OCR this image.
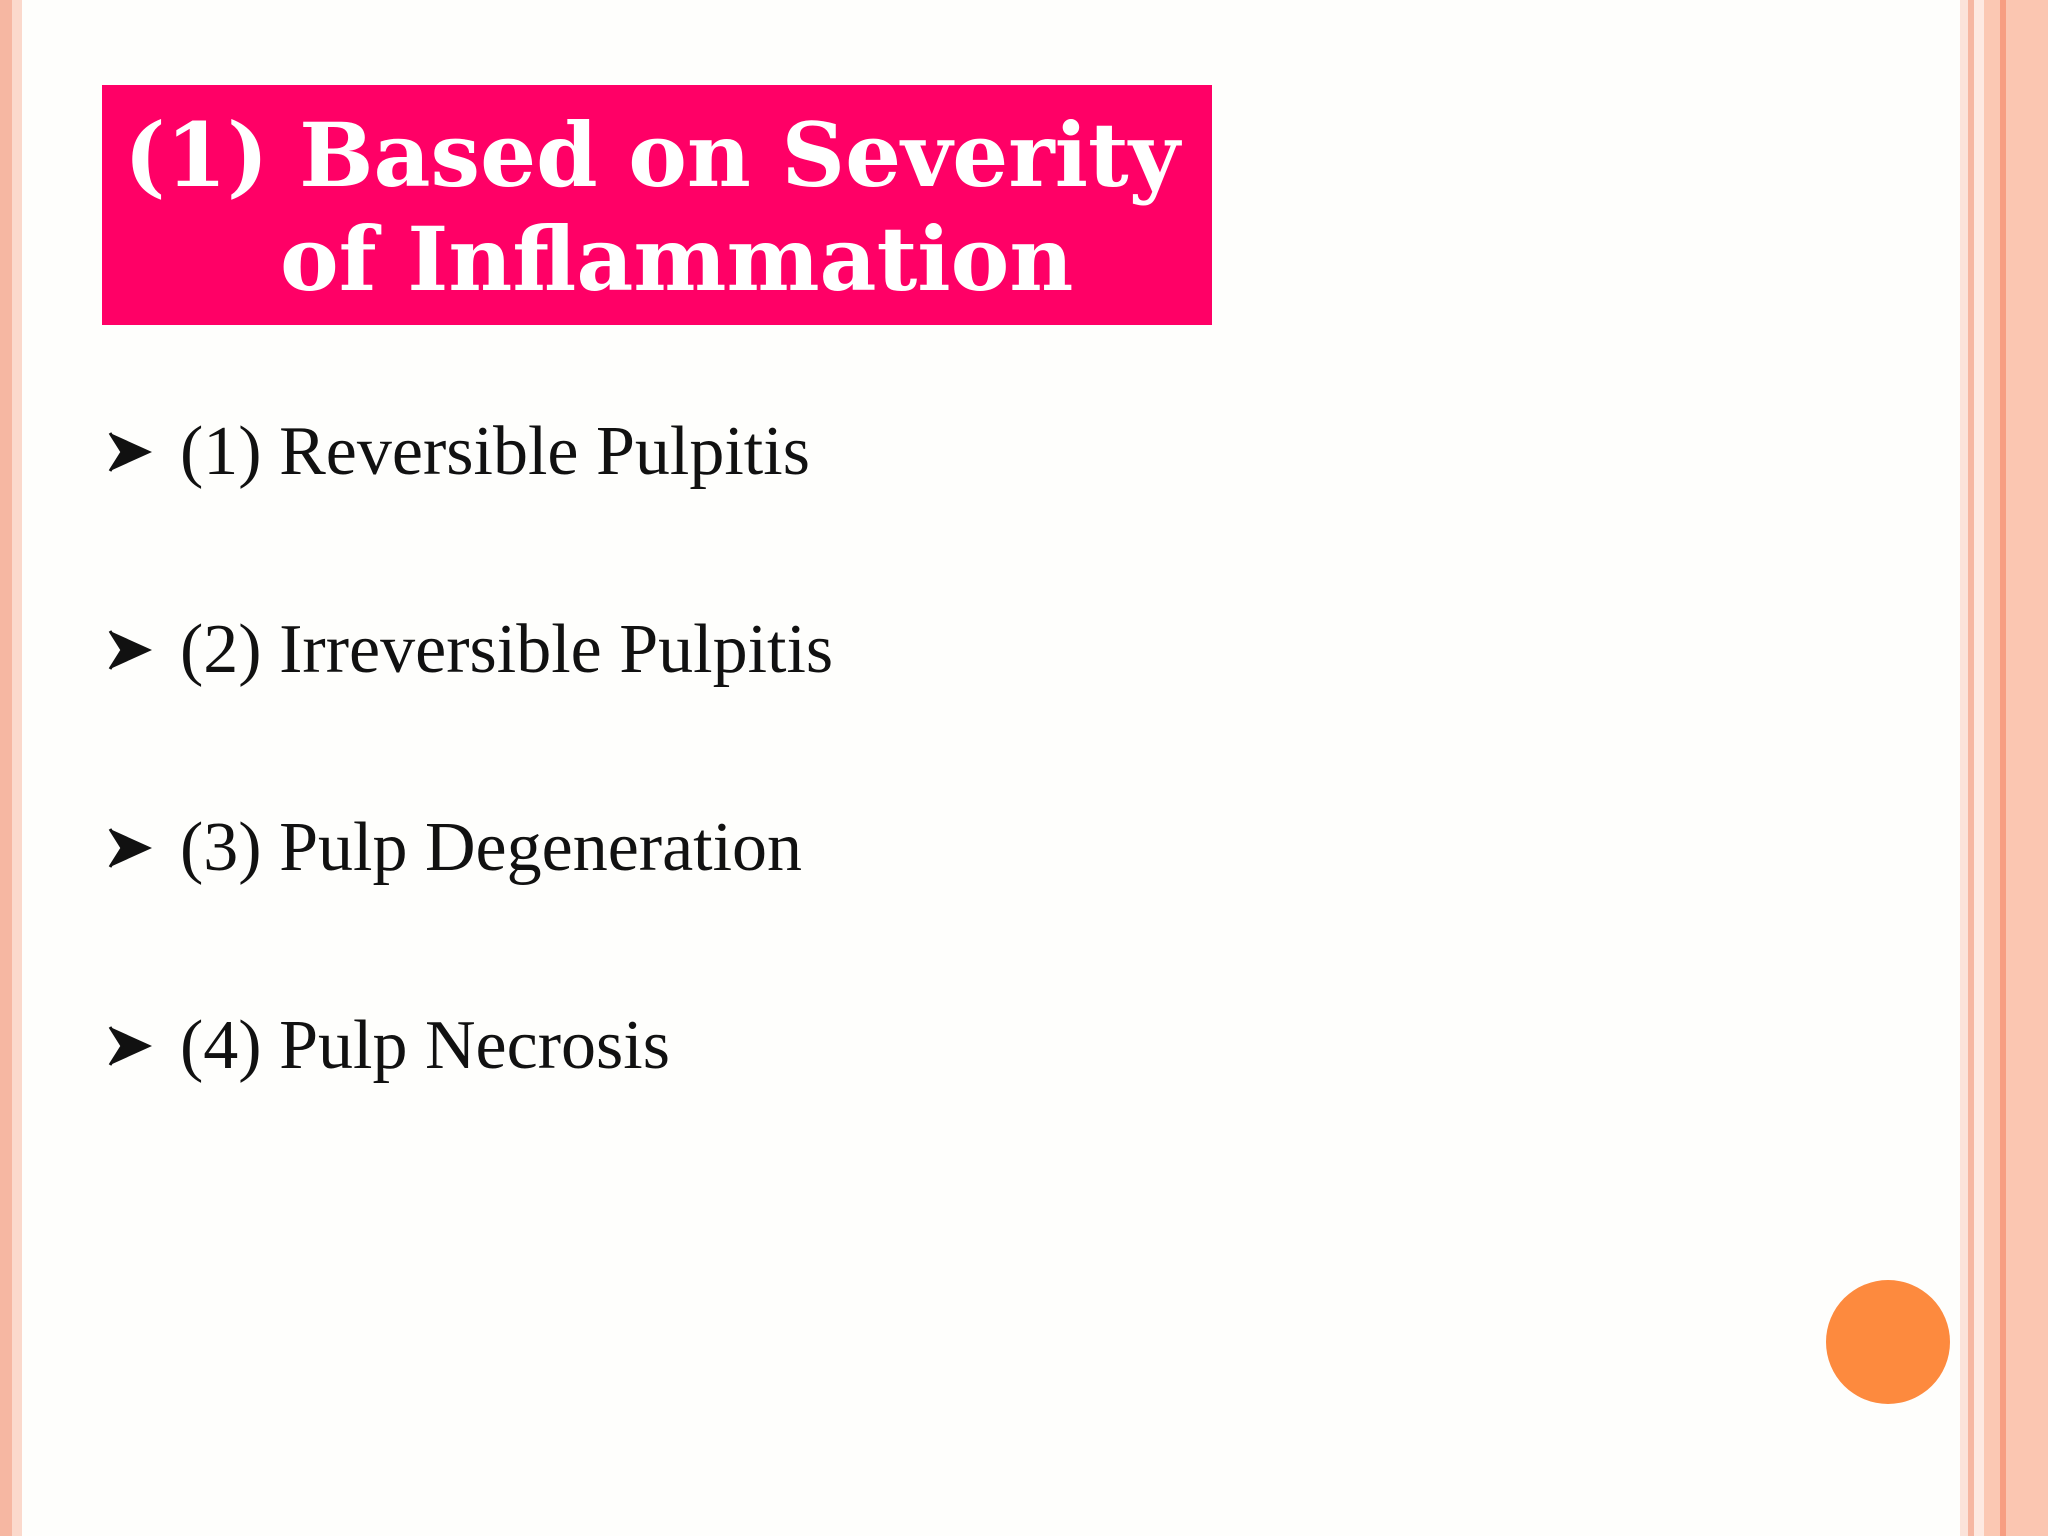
(1) Based on Severity
of Inflammation
(1) Reversible Pulpitis
(2) Irreversible Pulpitis
(3) Pulp Degeneration
(4) Pulp Necrosis
